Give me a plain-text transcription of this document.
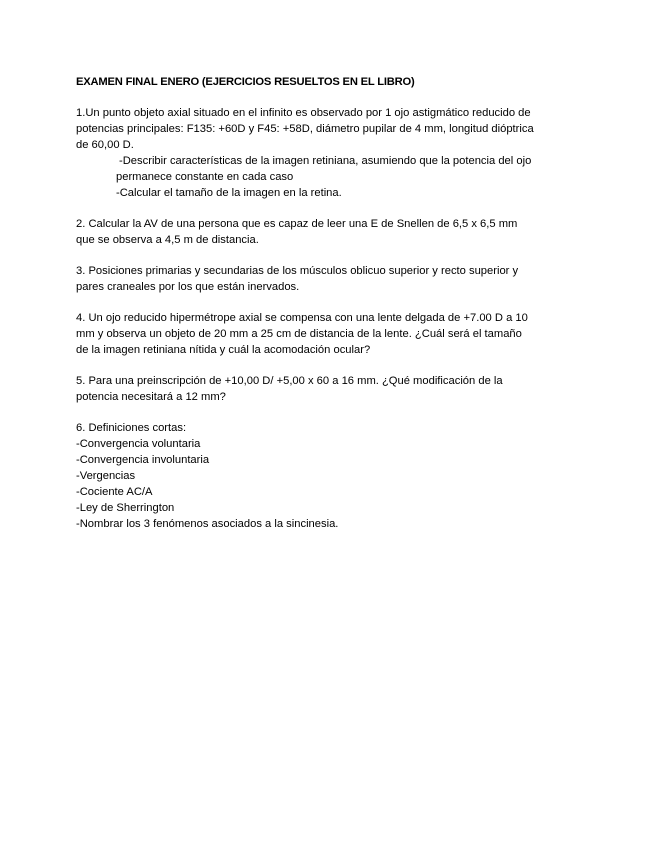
EXAMEN FINAL ENERO (EJERCICIOS RESUELTOS EN EL LIBRO)

1.Un punto objeto axial situado en el infinito es observado por 1 ojo astigmático reducido de

potencias principales: F135: +60D y F45: +58D, diámetro pupilar de 4 mm, longitud dióptrica

de 60,00 D.

-Describir características de la imagen retiniana, asumiendo que la potencia del ojo

permanece constante en cada caso

-Calcular el tamaño de la imagen en la retina.

2. Calcular la AV de una persona que es capaz de leer una E de Snellen de 6,5 x 6,5 mm

que se observa a 4,5 m de distancia.

3. Posiciones primarias y secundarias de los músculos oblicuo superior y recto superior y

pares craneales por los que están inervados.

4. Un ojo reducido hipermétrope axial se compensa con una lente delgada de +7.00 D a 10

mm y observa un objeto de 20 mm a 25 cm de distancia de la lente. ¿Cuál será el tamaño

de la imagen retiniana nítida y cuál la acomodación ocular?

5. Para una preinscripción de +10,00 D/ +5,00 x 60 a 16 mm. ¿Qué modificación de la

potencia necesitará a 12 mm?

6. Definiciones cortas:

-Convergencia voluntaria

-Convergencia involuntaria

-Vergencias

-Cociente AC/A

-Ley de Sherrington

-Nombrar los 3 fenómenos asociados a la sincinesia.
